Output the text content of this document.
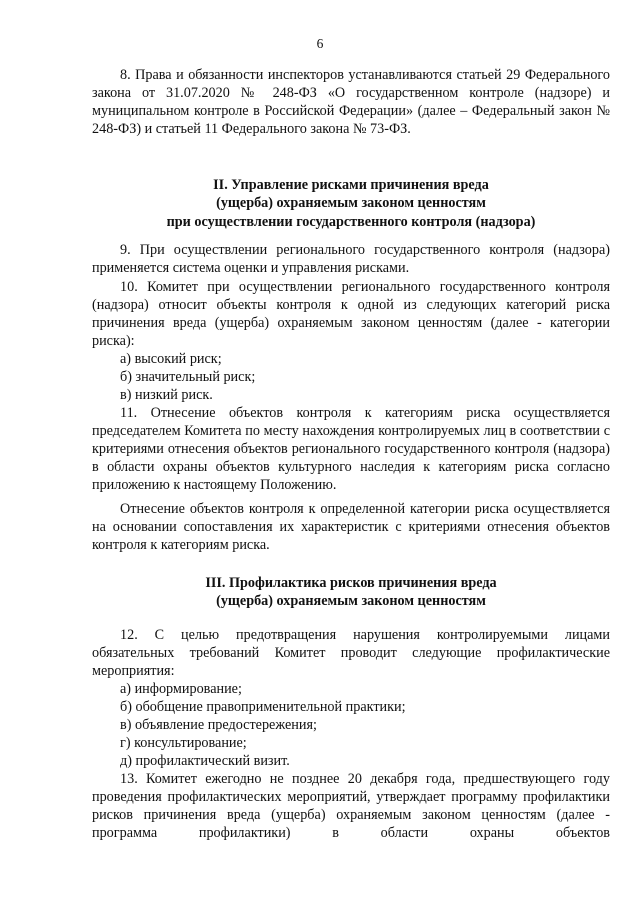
6

8. Права и обязанности инспекторов устанавливаются статьей 29 Федерального закона от 31.07.2020 № 248-ФЗ «О государственном контроле (надзоре) и муниципальном контроле в Российской Федерации» (далее – Федеральный закон № 248-ФЗ) и статьей 11 Федерального закона № 73-ФЗ.

II. Управление рисками причинения вреда

(ущерба) охраняемым законом ценностям

при осуществлении государственного контроля (надзора)

9. При осуществлении регионального государственного контроля (надзора) применяется система оценки и управления рисками.

10. Комитет при осуществлении регионального государственного контроля (надзора) относит объекты контроля к одной из следующих категорий риска причинения вреда (ущерба) охраняемым законом ценностям (далее - категории риска):

а) высокий риск;

б) значительный риск;

в) низкий риск.

11. Отнесение объектов контроля к категориям риска осуществляется председателем Комитета по месту нахождения контролируемых лиц в соответствии с критериями отнесения объектов регионального государственного контроля (надзора) в области охраны объектов культурного наследия к категориям риска согласно приложению к настоящему Положению.

Отнесение объектов контроля к определенной категории риска осуществляется на основании сопоставления их характеристик с критериями отнесения объектов контроля к категориям риска.

III. Профилактика рисков причинения вреда

(ущерба) охраняемым законом ценностям

12. С целью предотвращения нарушения контролируемыми лицами обязательных требований Комитет проводит следующие профилактические мероприятия:

а) информирование;

б) обобщение правоприменительной практики;

в) объявление предостережения;

г) консультирование;

д) профилактический визит.

13. Комитет ежегодно не позднее 20 декабря года, предшествующего году проведения профилактических мероприятий, утверждает программу профилактики рисков причинения вреда (ущерба) охраняемым законом ценностям (далее - программа профилактики) в области охраны объектов
